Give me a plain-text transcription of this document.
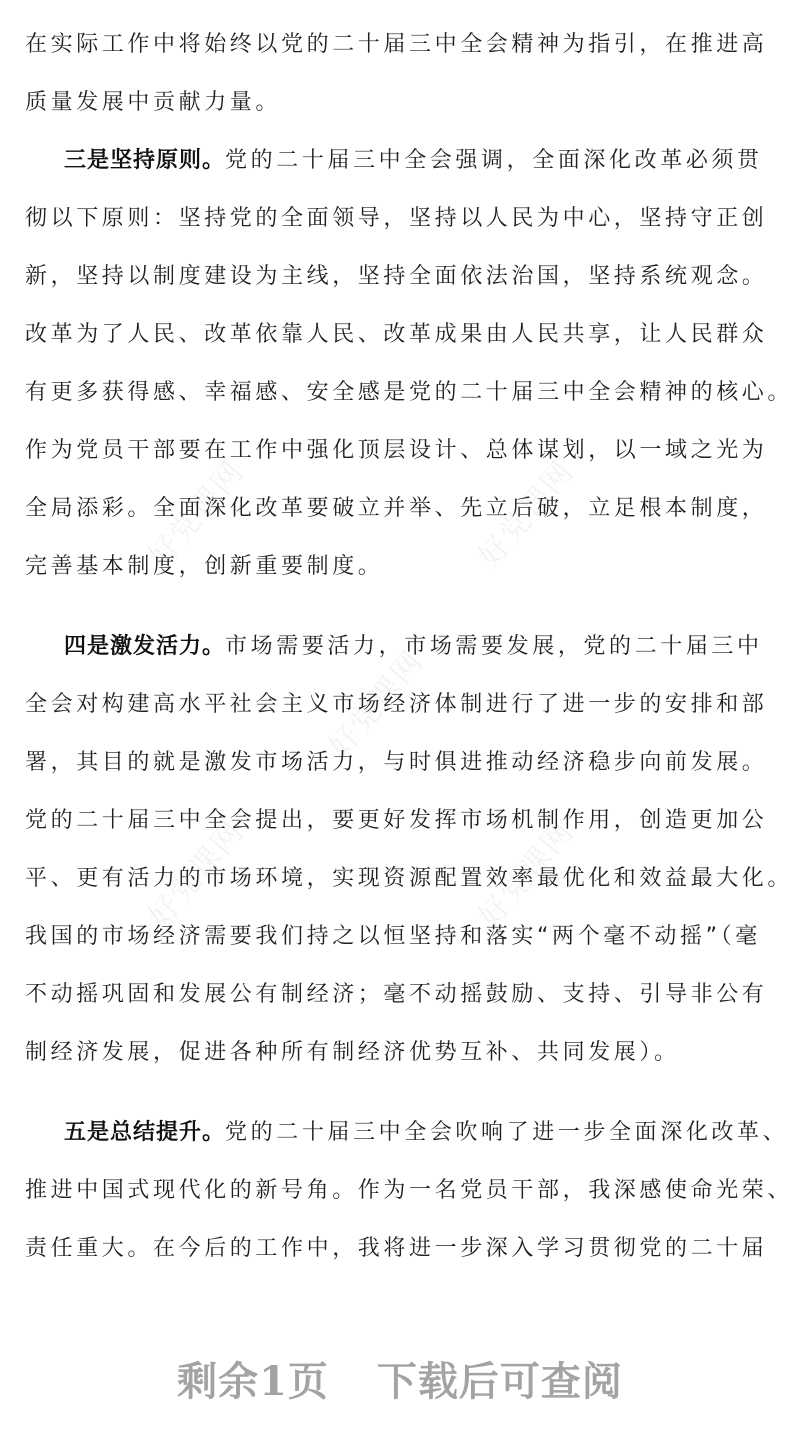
好党课网	好党课网
好党课网
好党课网	好党课网
在实际工作中将始终以党的二十届三中全会精神为指引，在推进高
质量发展中贡献力量。
三是坚持原则。党的二十届三中全会强调，全面深化改革必须贯
彻以下原则：坚持党的全面领导，坚持以人民为中心，坚持守正创
新，坚持以制度建设为主线，坚持全面依法治国，坚持系统观念。
改革为了人民、改革依靠人民、改革成果由人民共享，让人民群众
有更多获得感、幸福感、安全感是党的二十届三中全会精神的核心。
作为党员干部要在工作中强化顶层设计、总体谋划，以一域之光为
全局添彩。全面深化改革要破立并举、先立后破，立足根本制度，
完善基本制度，创新重要制度。
四是激发活力。市场需要活力，市场需要发展，党的二十届三中
全会对构建高水平社会主义市场经济体制进行了进一步的安排和部
署，其目的就是激发市场活力，与时俱进推动经济稳步向前发展。
党的二十届三中全会提出，要更好发挥市场机制作用，创造更加公
平、更有活力的市场环境，实现资源配置效率最优化和效益最大化。
我国的市场经济需要我们持之以恒坚持和落实“两个毫不动摇”（毫
不动摇巩固和发展公有制经济；毫不动摇鼓励、支持、引导非公有
制经济发展，促进各种所有制经济优势互补、共同发展）。
五是总结提升。党的二十届三中全会吹响了进一步全面深化改革、
推进中国式现代化的新号角。作为一名党员干部，我深感使命光荣、
责任重大。在今后的工作中，我将进一步深入学习贯彻党的二十届
剩余1页 下载后可查阅
